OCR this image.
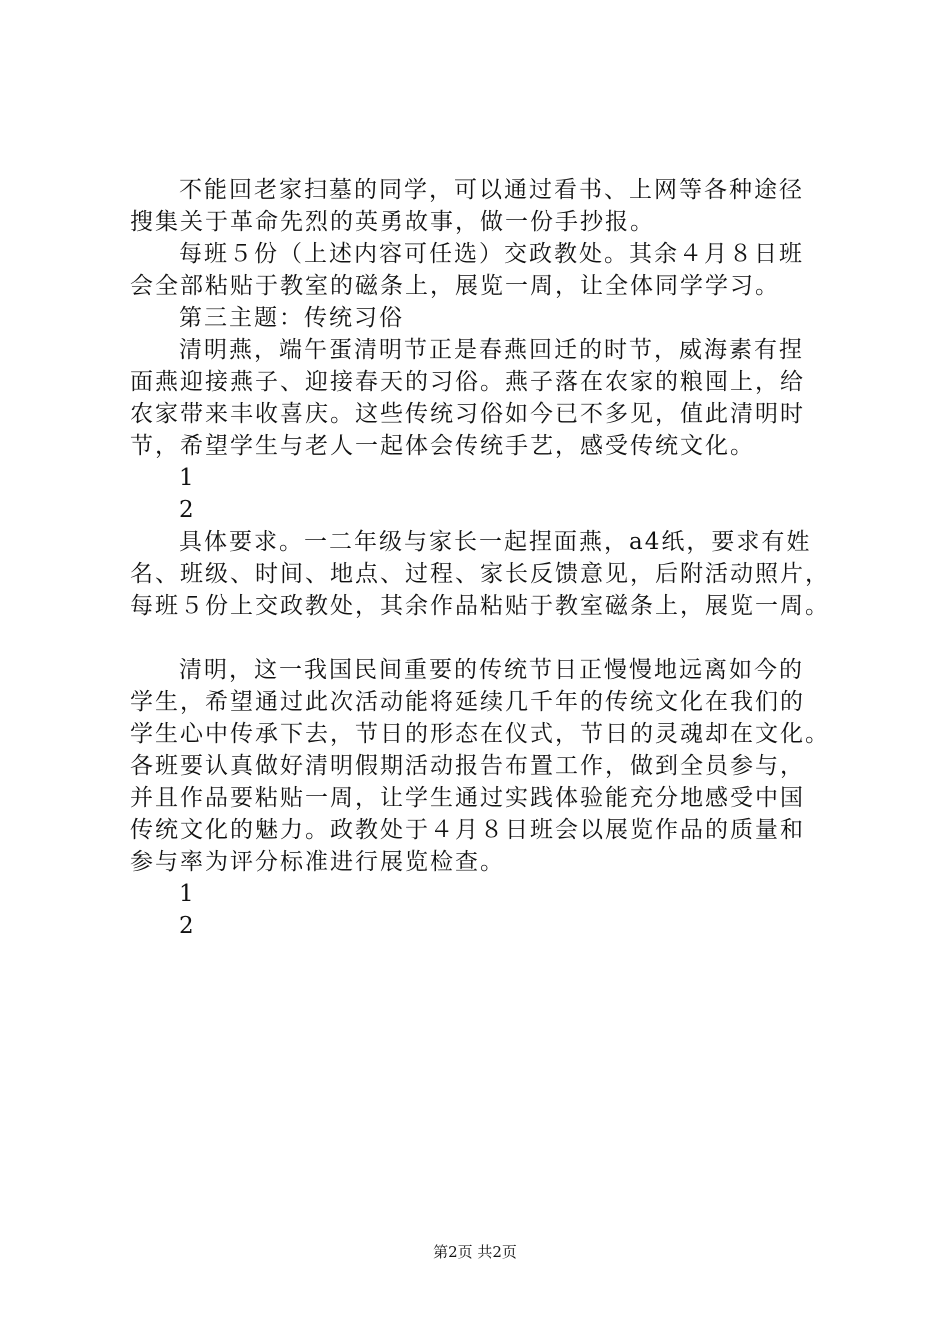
不能回老家扫墓的同学，可以通过看书、上网等各种途径
搜集关于革命先烈的英勇故事，做一份手抄报。
每班５份（上述内容可任选）交政教处。其余４月８日班
会全部粘贴于教室的磁条上，展览一周，让全体同学学习。
第三主题：传统习俗
清明燕，端午蛋清明节正是春燕回迁的时节，威海素有捏
面燕迎接燕子、迎接春天的习俗。燕子落在农家的粮囤上，给
农家带来丰收喜庆。这些传统习俗如今已不多见，值此清明时
节，希望学生与老人一起体会传统手艺，感受传统文化。
1
2
具体要求。一二年级与家长一起捏面燕，a4纸，要求有姓
名、班级、时间、地点、过程、家长反馈意见，后附活动照片，
每班５份上交政教处，其余作品粘贴于教室磁条上，展览一周。
清明，这一我国民间重要的传统节日正慢慢地远离如今的
学生，希望通过此次活动能将延续几千年的传统文化在我们的
学生心中传承下去，节日的形态在仪式，节日的灵魂却在文化。
各班要认真做好清明假期活动报告布置工作，做到全员参与，
并且作品要粘贴一周，让学生通过实践体验能充分地感受中国
传统文化的魅力。政教处于４月８日班会以展览作品的质量和
参与率为评分标准进行展览检查。
1
2
第2页 共2页
